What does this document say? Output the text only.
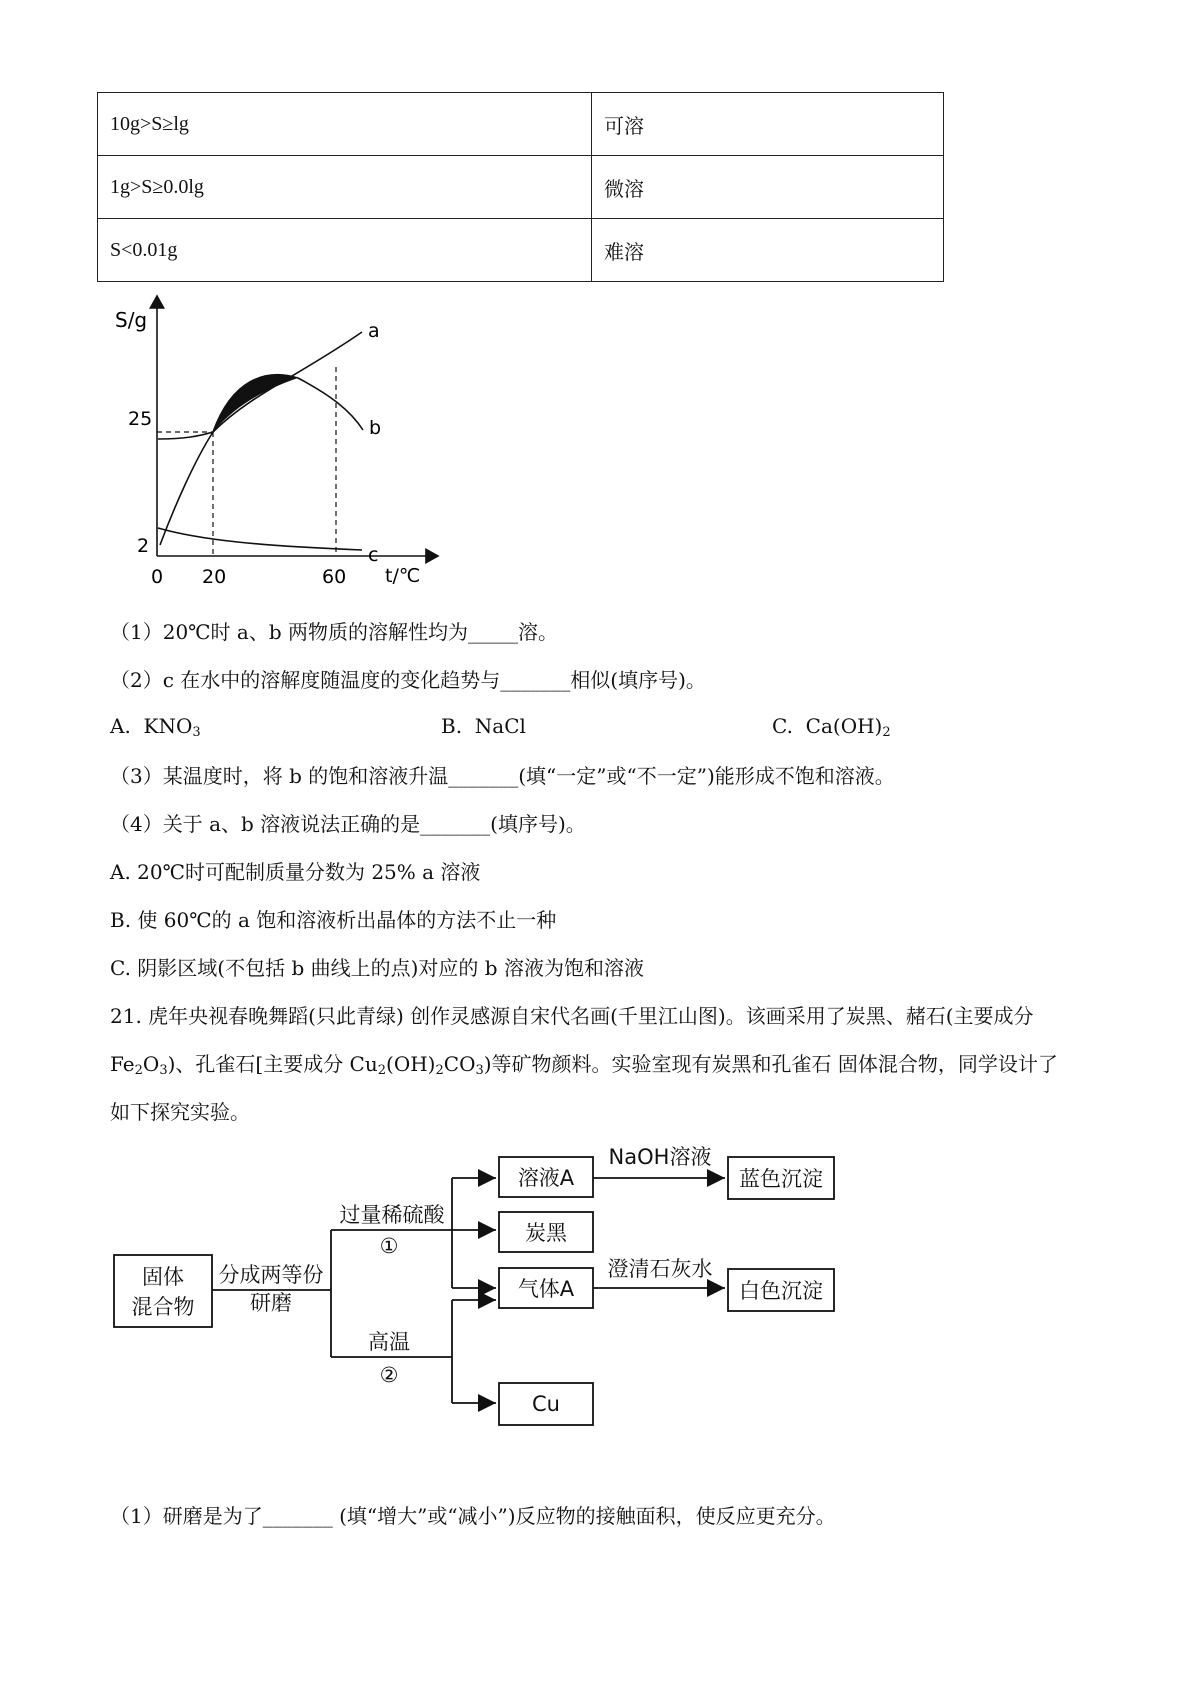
10g>S≥lg	可溶
1g>S≥0.0lg	微溶
S<0.01g	难溶
S/g
t/℃
25
2
0 20	60
a
b
c
（1）20℃时 a、b 两物质的溶解性均为_____溶。
（2）c 在水中的溶解度随温度的变化趋势与_______相似(填序号)。
A. $KNO_3$	B. NaCl	C. $Ca(OH)_2$
（3）某温度时，将 b 的饱和溶液升温_______(填“一定”或“不一定”)能形成不饱和溶液。
（4）关于 a、b 溶液说法正确的是_______(填序号)。
A. 20℃时可配制质量分数为 25% a 溶液
B. 使 60℃的 a 饱和溶液析出晶体的方法不止一种
C. 阴影区域(不包括 b 曲线上的点)对应的 b 溶液为饱和溶液
21. 虎年央视春晚舞蹈(只此青绿) 创作灵感源自宋代名画(千里江山图)。该画采用了炭黑、赭石(主要成分
$Fe_2O_3$)、孔雀石[主要成分 $Cu_2(OH)_2CO_3$)等矿物颜料。实验室现有炭黑和孔雀石 固体混合物，同学设计了
如下探究实验。
固体
混合物
分成两等份
研磨
过量稀硫酸
①
高温
②
溶液A
炭黑
气体A
Cu
NaOH溶液
澄清石灰水
蓝色沉淀
白色沉淀
（1）研磨是为了_______ (填“增大”或“减小”)反应物的接触面积，使反应更充分。
